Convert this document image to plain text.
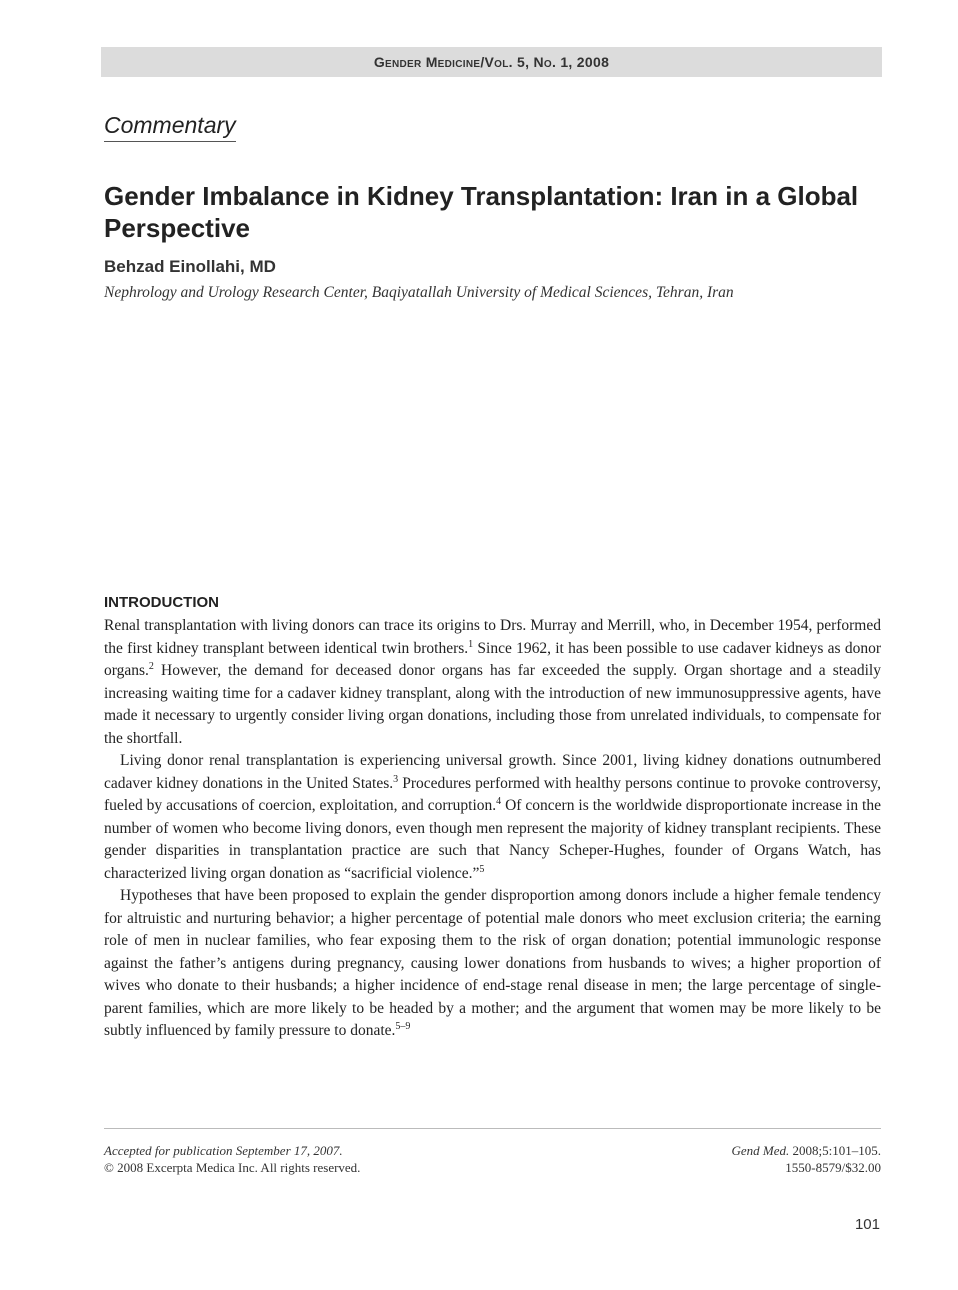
Gender Medicine/Vol. 5, No. 1, 2008
Commentary
Gender Imbalance in Kidney Transplantation: Iran in a Global Perspective
Behzad Einollahi, MD
Nephrology and Urology Research Center, Baqiyatallah University of Medical Sciences, Tehran, Iran
INTRODUCTION

Renal transplantation with living donors can trace its origins to Drs. Murray and Merrill, who, in December 1954, performed the first kidney transplant between identical twin brothers.$^1$ Since 1962, it has been possible to use cadaver kidneys as donor organs.$^2$ However, the demand for deceased donor organs has far exceeded the supply. Organ shortage and a steadily increasing waiting time for a cadaver kidney transplant, along with the introduction of new immunosuppressive agents, have made it necessary to urgently consider living organ donations, including those from unrelated individuals, to compensate for the shortfall.

Living donor renal transplantation is experiencing universal growth. Since 2001, living kidney donations outnumbered cadaver kidney donations in the United States.$^3$ Procedures performed with healthy persons continue to provoke controversy, fueled by accusations of coercion, exploitation, and corruption.$^4$ Of concern is the worldwide disproportionate increase in the number of women who become living donors, even though men represent the majority of kidney transplant recipients. These gender disparities in transplantation practice are such that Nancy Scheper-Hughes, founder of Organs Watch, has characterized living organ donation as “sacrificial violence.”$^5$

Hypotheses that have been proposed to explain the gender disproportion among donors include a higher female tendency for altruistic and nurturing behavior; a higher percentage of potential male donors who meet exclusion criteria; the earning role of men in nuclear families, who fear exposing them to the risk of organ donation; potential immunologic response against the father’s antigens during pregnancy, causing lower donations from husbands to wives; a higher proportion of wives who donate to their husbands; a higher incidence of end-stage renal disease in men; the large percentage of single-parent families, which are more likely to be headed by a mother; and the argument that women may be more likely to be subtly influenced by family pressure to donate.$^{5-9}$

Accepted for publication September 17, 2007.
© 2008 Excerpta Medica Inc. All rights reserved.
Gend Med. 2008;5:101–105.
1550-8579/$32.00
101
